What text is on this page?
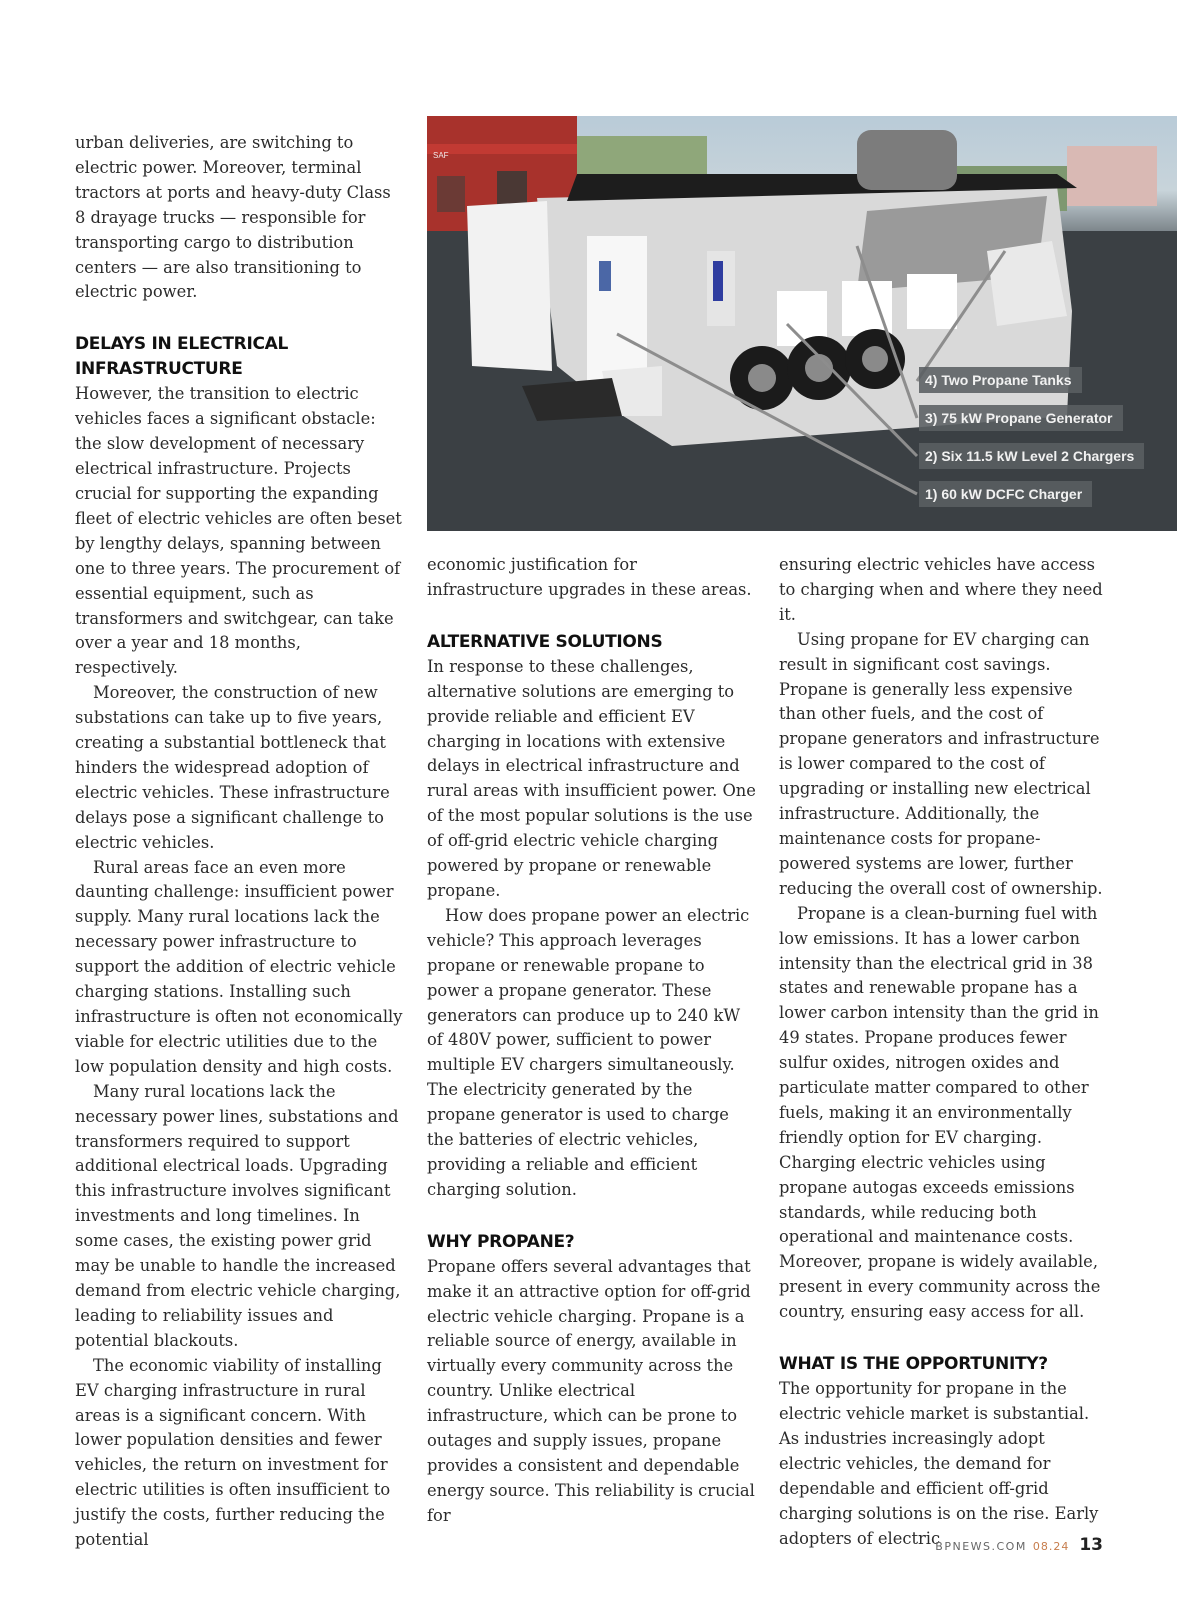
urban deliveries, are switching to electric power. Moreover, terminal tractors at ports and heavy-duty Class 8 drayage trucks — responsible for transporting cargo to distribution centers — are also transitioning to electric power.

DELAYS IN ELECTRICAL INFRASTRUCTURE

However, the transition to electric vehicles faces a significant obstacle: the slow development of necessary electrical infrastructure. Projects crucial for supporting the expanding fleet of electric vehicles are often beset by lengthy delays, spanning between one to three years. The procurement of essential equipment, such as transformers and switchgear, can take over a year and 18 months, respectively.

Moreover, the construction of new substations can take up to five years, creating a substantial bottleneck that hinders the widespread adoption of electric vehicles. These infrastructure delays pose a significant challenge to electric vehicles.

Rural areas face an even more daunting challenge: insufficient power supply. Many rural locations lack the necessary power infrastructure to support the addition of electric vehicle charging stations. Installing such infrastructure is often not economically viable for electric utilities due to the low population density and high costs.

Many rural locations lack the necessary power lines, substations and transformers required to support additional electrical loads. Upgrading this infrastructure involves significant investments and long timelines. In some cases, the existing power grid may be unable to handle the increased demand from electric vehicle charging, leading to reliability issues and potential blackouts.

The economic viability of installing EV charging infrastructure in rural areas is a significant concern. With lower population densities and fewer vehicles, the return on investment for electric utilities is often insufficient to justify the costs, further reducing the potential

SAF
4) Two Propane Tanks
3) 75 kW Propane Generator
2) Six 11.5 kW Level 2 Chargers
1) 60 kW DCFC Charger

economic justification for infrastructure upgrades in these areas.

ALTERNATIVE SOLUTIONS

In response to these challenges, alternative solutions are emerging to provide reliable and efficient EV charging in locations with extensive delays in electrical infrastructure and rural areas with insufficient power. One of the most popular solutions is the use of off-grid electric vehicle charging powered by propane or renewable propane.

How does propane power an electric vehicle? This approach leverages propane or renewable propane to power a propane generator. These generators can produce up to 240 kW of 480V power, sufficient to power multiple EV chargers simultaneously. The electricity generated by the propane generator is used to charge the batteries of electric vehicles, providing a reliable and efficient charging solution.

WHY PROPANE?

Propane offers several advantages that make it an attractive option for off-grid electric vehicle charging. Propane is a reliable source of energy, available in virtually every community across the country. Unlike electrical infrastructure, which can be prone to outages and supply issues, propane provides a consistent and dependable energy source. This reliability is crucial for

ensuring electric vehicles have access to charging when and where they need it.

Using propane for EV charging can result in significant cost savings. Propane is generally less expensive than other fuels, and the cost of propane generators and infrastructure is lower compared to the cost of upgrading or installing new electrical infrastructure. Additionally, the maintenance costs for propane-powered systems are lower, further reducing the overall cost of ownership.

Propane is a clean-burning fuel with low emissions. It has a lower carbon intensity than the electrical grid in 38 states and renewable propane has a lower carbon intensity than the grid in 49 states. Propane produces fewer sulfur oxides, nitrogen oxides and particulate matter compared to other fuels, making it an environmentally friendly option for EV charging. Charging electric vehicles using propane autogas exceeds emissions standards, while reducing both operational and maintenance costs. Moreover, propane is widely available, present in every community across the country, ensuring easy access for all.

WHAT IS THE OPPORTUNITY?

The opportunity for propane in the electric vehicle market is substantial. As industries increasingly adopt electric vehicles, the demand for dependable and efficient off-grid charging solutions is on the rise. Early adopters of electric

BPNEWS.COM 08.24 13
